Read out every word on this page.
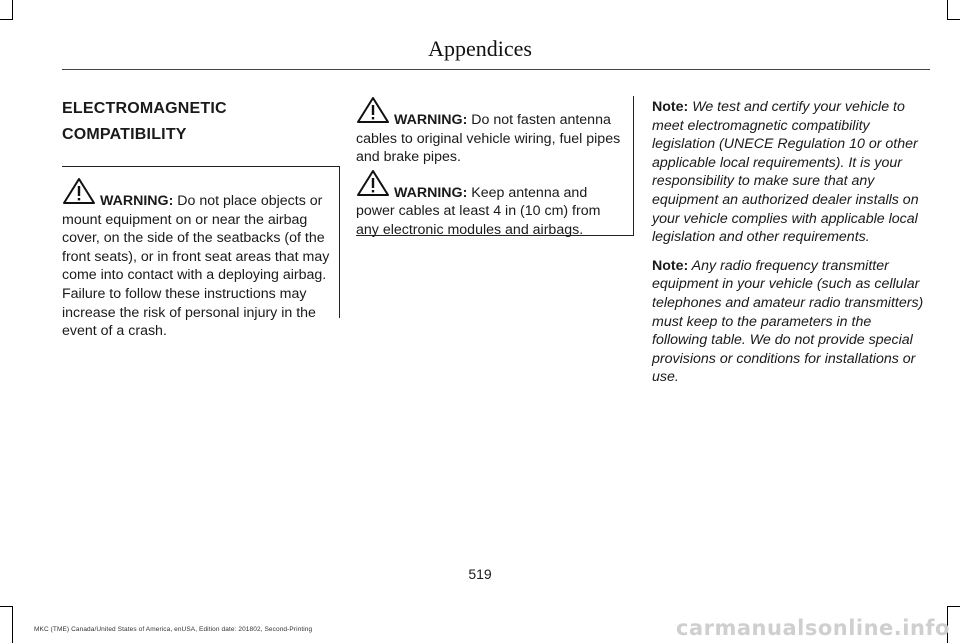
Appendices

ELECTROMAGNETIC

COMPATIBILITY

WARNING: Do not place objects or mount equipment on or near the airbag cover, on the side of the seatbacks (of the front seats), or in front seat areas that may come into contact with a deploying airbag. Failure to follow these instructions may increase the risk of personal injury in the event of a crash.

WARNING: Do not fasten antenna cables to original vehicle wiring, fuel pipes and brake pipes.

WARNING: Keep antenna and power cables at least 4 in (10 cm) from any electronic modules and airbags.

Note: We test and certify your vehicle to meet electromagnetic compatibility legislation (UNECE Regulation 10 or other applicable local requirements). It is your responsibility to make sure that any equipment an authorized dealer installs on your vehicle complies with applicable local legislation and other requirements.

Note: Any radio frequency transmitter equipment in your vehicle (such as cellular telephones and amateur radio transmitters) must keep to the parameters in the following table. We do not provide special provisions or conditions for installations or use.

519
MKC (TME) Canada/United States of America, enUSA, Edition date: 201802, Second-Printing	carmanualsonline.info
